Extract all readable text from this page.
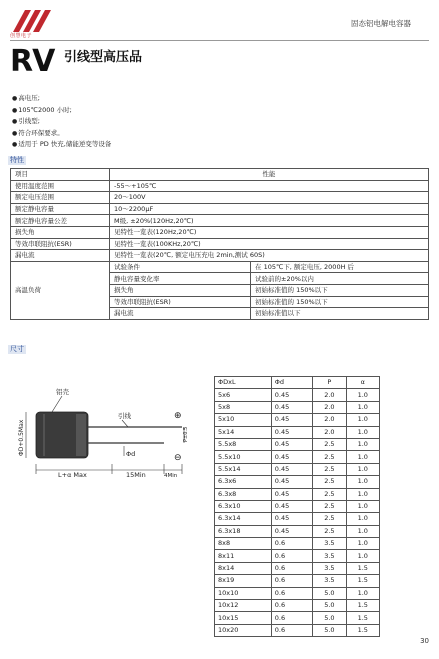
创慧电子
固态铝电解电容器
RV 引线型高压品
● 高电压;
● 105℃2000 小时;
● 引线型;
● 符合环保要求。
● 适用于 PD 快充,储能逆变等设备
特性
项目	性能	
使用温度范围	-55～+105℃	
额定电压范围	20～100V	
额定静电容量	10～2200μF	
额定静电容量公差	M级, ±20%(120Hz,20℃)	
损失角	见特性一览表(120Hz,20℃)	
等效串联阻抗(ESR)	见特性一览表(100KHz,20℃)	
漏电流	见特性一览表(20℃, 额定电压充电 2min,测试 60S)	
高温负荷	试验条件	在 105℃下, 额定电压, 2000H 后
	静电容量变化率	试验前的±20%以内
	损失角	初始标准值的 150%以下
	等效串联阻抗(ESR)	初始标准值的 150%以下
	漏电流	初始标准值以下
尺寸
铝壳
引线	⊕
⊖
P±0.5
ΦD+0.5Max	Φd
L+α Max	15Min	4Min
ΦDxL	Φd	P	α
5x6	0.45	2.0	1.0
5x8	0.45	2.0	1.0
5x10	0.45	2.0	1.0
5x14	0.45	2.0	1.0
5.5x8	0.45	2.5	1.0
5.5x10	0.45	2.5	1.0
5.5x14	0.45	2.5	1.0
6.3x6	0.45	2.5	1.0
6.3x8	0.45	2.5	1.0
6.3x10	0.45	2.5	1.0
6.3x14	0.45	2.5	1.0
6.3x18	0.45	2.5	1.0
8x8	0.6	3.5	1.0
8x11	0.6	3.5	1.0
8x14	0.6	3.5	1.5
8x19	0.6	3.5	1.5
10x10	0.6	5.0	1.0
10x12	0.6	5.0	1.5
10x15	0.6	5.0	1.5
10x20	0.6	5.0	1.5
30
